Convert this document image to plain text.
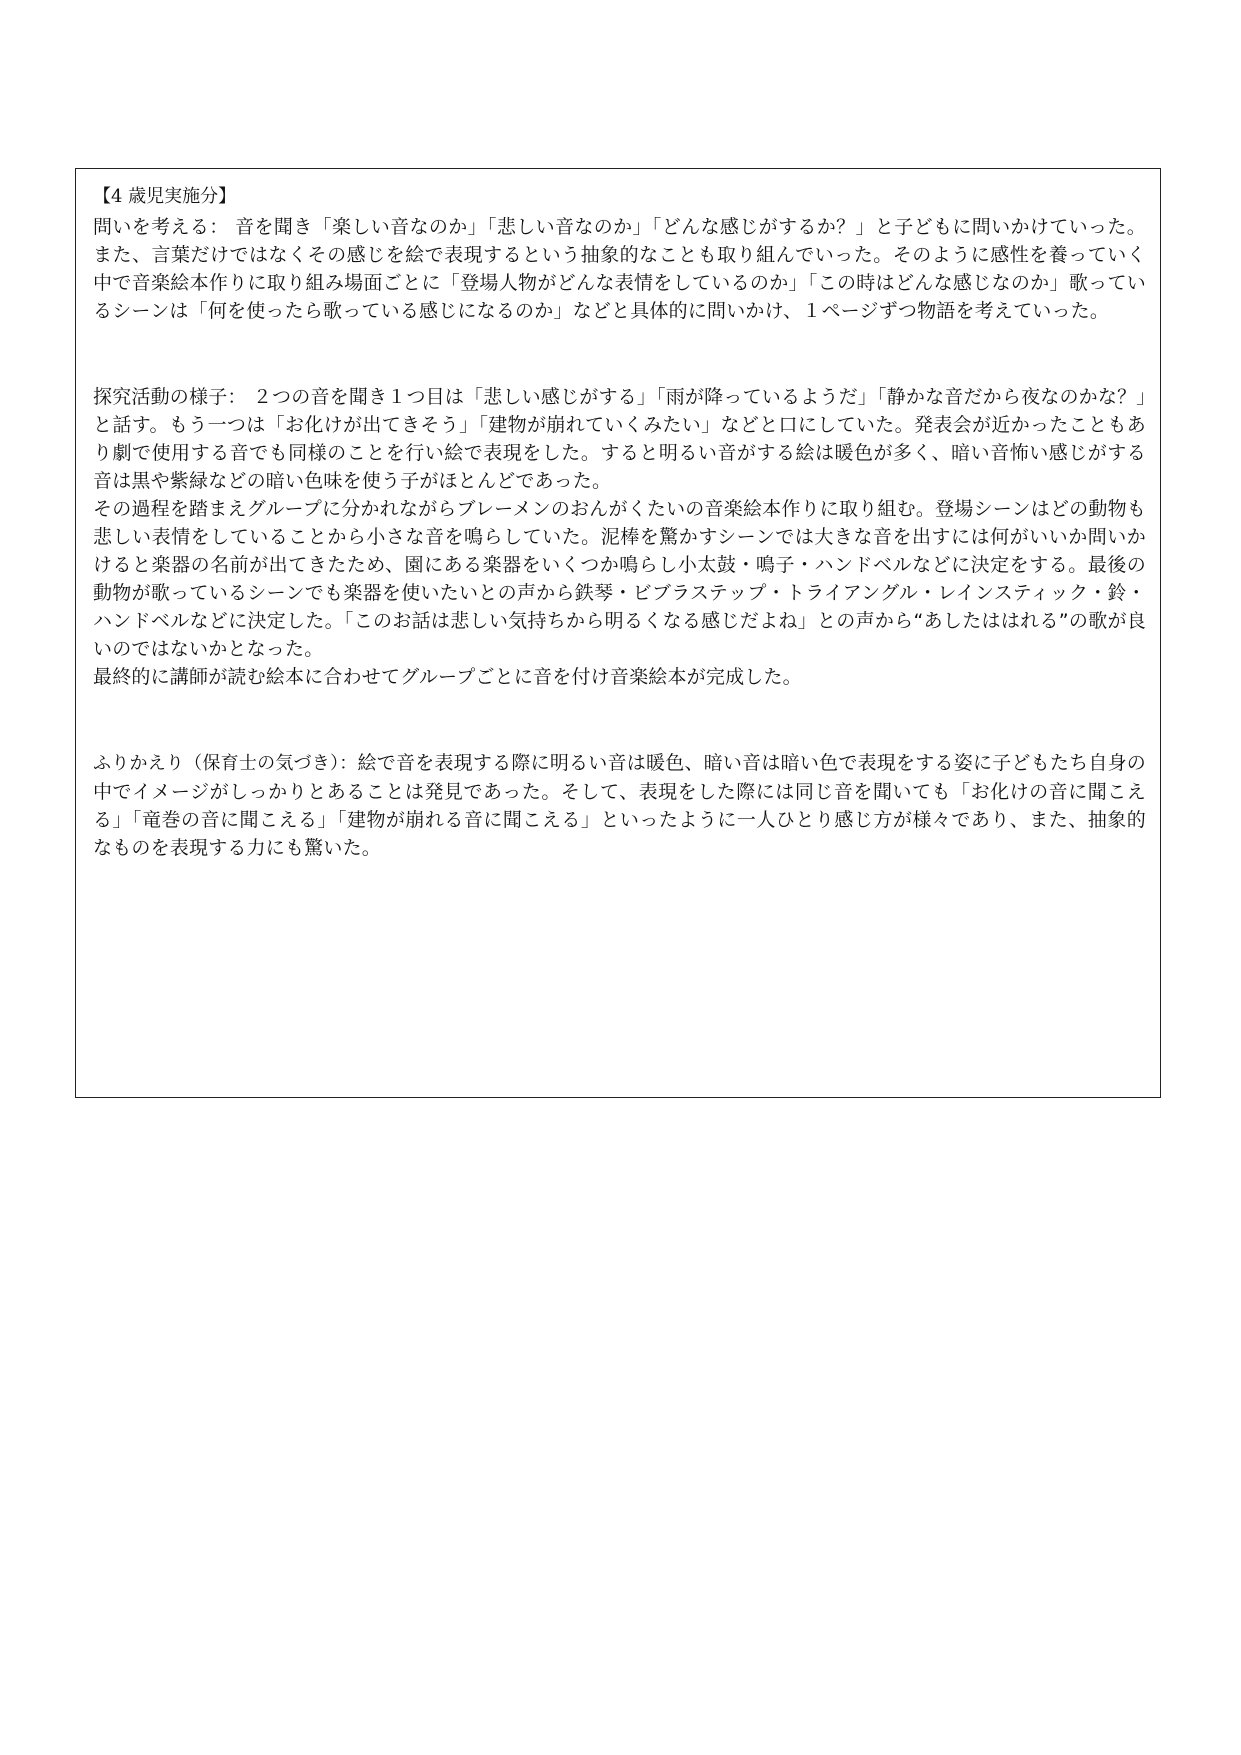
【4 歳児実施分】

問いを考える： 音を聞き「楽しい音なのか」「悲しい音なのか」「どんな感じがするか？」と子どもに問いかけていった。また、言葉だけではなくその感じを絵で表現するという抽象的なことも取り組んでいった。そのように感性を養っていく中で音楽絵本作りに取り組み場面ごとに「登場人物がどんな表情をしているのか」「この時はどんな感じなのか」歌っているシーンは「何を使ったら歌っている感じになるのか」などと具体的に問いかけ、１ページずつ物語を考えていった。

探究活動の様子： ２つの音を聞き１つ目は「悲しい感じがする」「雨が降っているようだ」「静かな音だから夜なのかな？」と話す。もう一つは「お化けが出てきそう」「建物が崩れていくみたい」などと口にしていた。発表会が近かったこともあり劇で使用する音でも同様のことを行い絵で表現をした。すると明るい音がする絵は暖色が多く、暗い音怖い感じがする音は黒や紫緑などの暗い色味を使う子がほとんどであった。

その過程を踏まえグループに分かれながらブレーメンのおんがくたいの音楽絵本作りに取り組む。登場シーンはどの動物も悲しい表情をしていることから小さな音を鳴らしていた。泥棒を驚かすシーンでは大きな音を出すには何がいいか問いかけると楽器の名前が出てきたため、園にある楽器をいくつか鳴らし小太鼓・鳴子・ハンドベルなどに決定をする。最後の動物が歌っているシーンでも楽器を使いたいとの声から鉄琴・ビブラステップ・トライアングル・レインスティック・鈴・ハンドベルなどに決定した。「このお話は悲しい気持ちから明るくなる感じだよね」との声から“あしたははれる”の歌が良いのではないかとなった。

最終的に講師が読む絵本に合わせてグループごとに音を付け音楽絵本が完成した。

ふりかえり（保育士の気づき）：絵で音を表現する際に明るい音は暖色、暗い音は暗い色で表現をする姿に子どもたち自身の中でイメージがしっかりとあることは発見であった。そして、表現をした際には同じ音を聞いても「お化けの音に聞こえる」「竜巻の音に聞こえる」「建物が崩れる音に聞こえる」といったように一人ひとり感じ方が様々であり、また、抽象的なものを表現する力にも驚いた。
